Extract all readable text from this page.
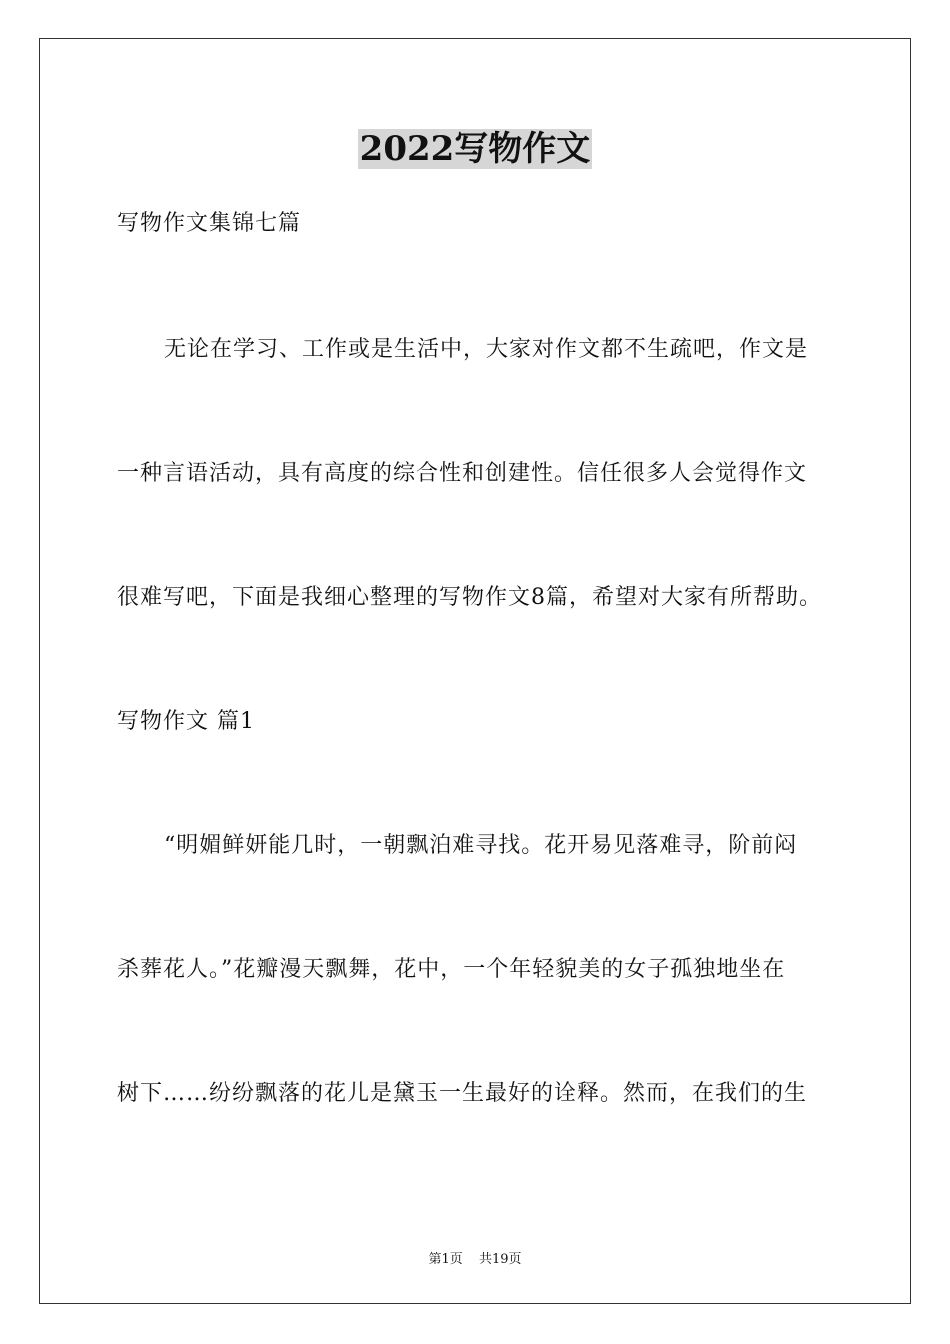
2022写物作文
写物作文集锦七篇
无论在学习、工作或是生活中，大家对作文都不生疏吧，作文是
一种言语活动，具有高度的综合性和创建性。信任很多人会觉得作文
很难写吧，下面是我细心整理的写物作文8篇，希望对大家有所帮助。
写物作文 篇1
“明媚鲜妍能几时，一朝飘泊难寻找。花开易见落难寻，阶前闷
杀葬花人。”花瓣漫天飘舞，花中，一个年轻貌美的女子孤独地坐在
树下……纷纷飘落的花儿是黛玉一生最好的诠释。然而，在我们的生
第1页 共19页
